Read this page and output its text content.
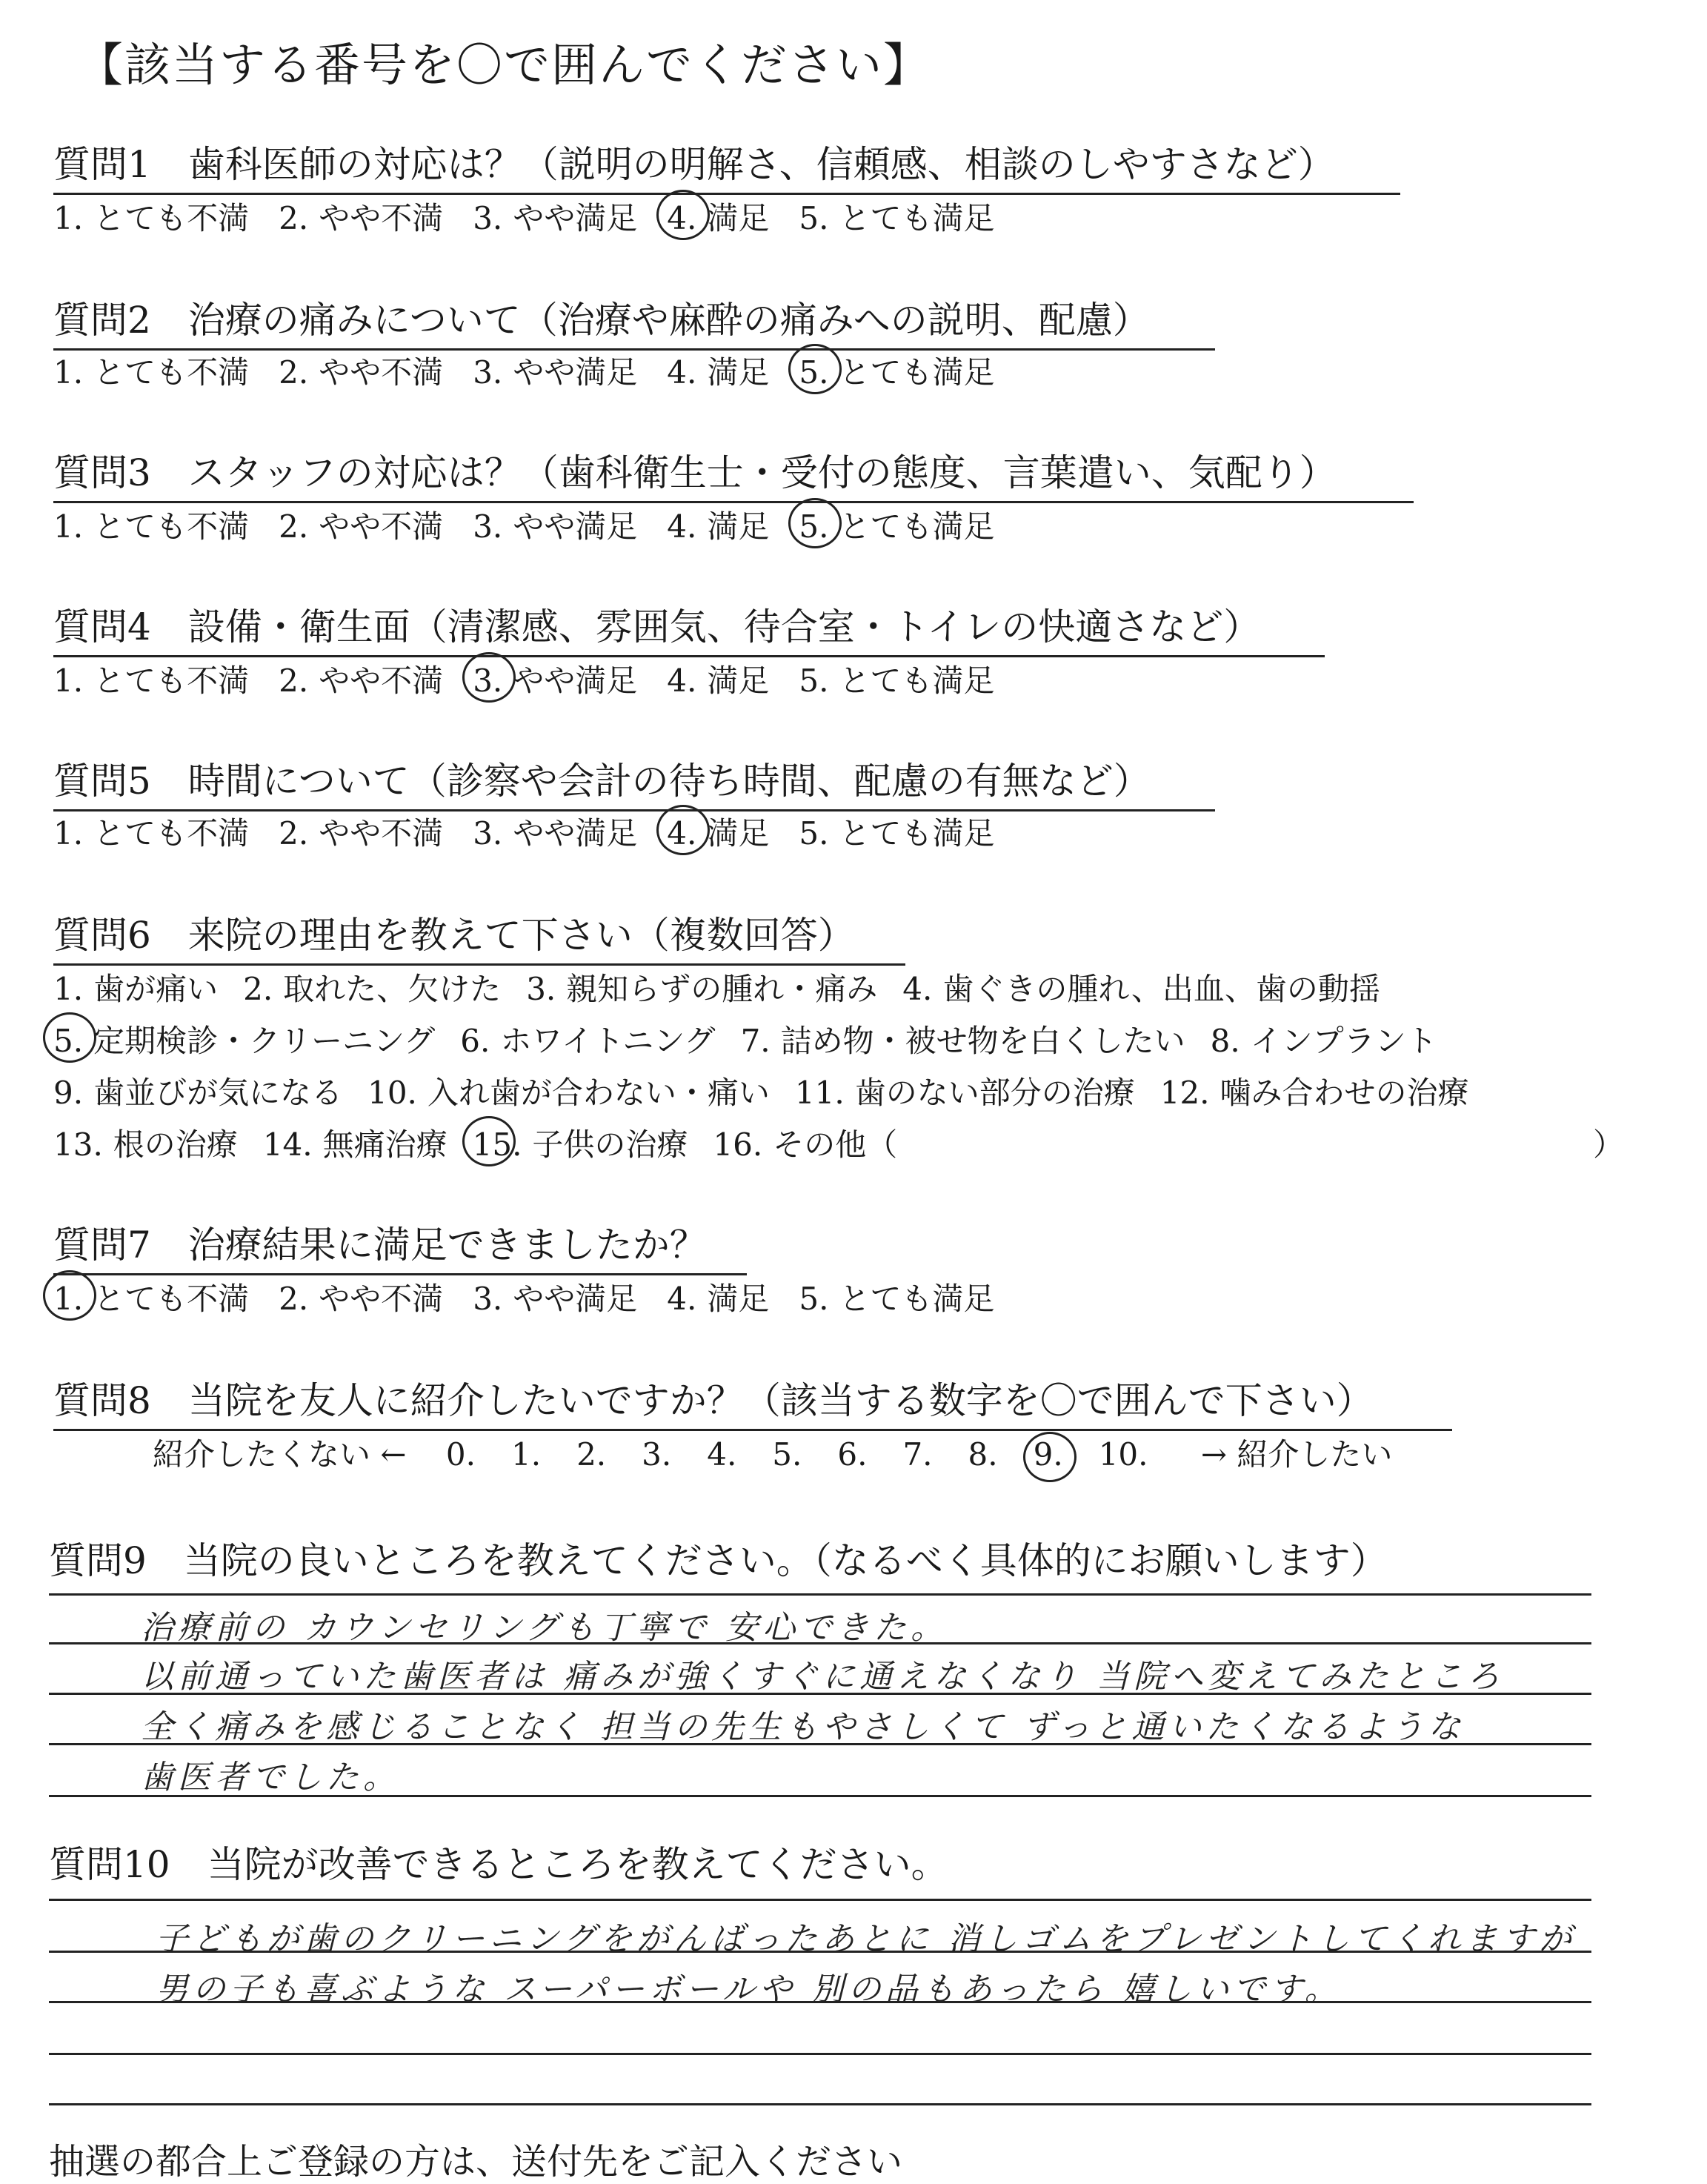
【該当する番号を〇で囲んでください】
質問1　歯科医師の対応は？（説明の明解さ、信頼感、相談のしやすさなど）
1. とても不満 2. やや不満 3. やや満足 4. 満足 5. とても満足
質問2　治療の痛みについて（治療や麻酔の痛みへの説明、配慮）
1. とても不満 2. やや不満 3. やや満足 4. 満足 5. とても満足
質問3　スタッフの対応は？（歯科衛生士・受付の態度、言葉遣い、気配り）
1. とても不満 2. やや不満 3. やや満足 4. 満足 5. とても満足
質問4　設備・衛生面（清潔感、雰囲気、待合室・トイレの快適さなど）
1. とても不満 2. やや不満 3. やや満足 4. 満足 5. とても満足
質問5　時間について（診察や会計の待ち時間、配慮の有無など）
1. とても不満 2. やや不満 3. やや満足 4. 満足 5. とても満足
質問6　来院の理由を教えて下さい（複数回答）
1. 歯が痛い 2. 取れた、欠けた 3. 親知らずの腫れ・痛み 4. 歯ぐきの腫れ、出血、歯の動揺
5. 定期検診・クリーニング 6. ホワイトニング 7. 詰め物・被せ物を白くしたい 8. インプラント
9. 歯並びが気になる 10. 入れ歯が合わない・痛い 11. 歯のない部分の治療 12. 噛み合わせの治療
13. 根の治療 14. 無痛治療 15. 子供の治療 16. その他（	）
質問7　治療結果に満足できましたか？
1. とても不満 2. やや不満 3. やや満足 4. 満足 5. とても満足
質問8　当院を友人に紹介したいですか？（該当する数字を〇で囲んで下さい）
紹介したくない ← 0. 1. 2. 3. 4. 5. 6. 7. 8. 9. 10. → 紹介したい
質問9　当院の良いところを教えてください。（なるべく具体的にお願いします）
治療前の カウンセリングも丁寧で 安心できた。
以前通っていた歯医者は 痛みが強くすぐに通えなくなり 当院へ変えてみたところ
全く痛みを感じることなく 担当の先生もやさしくて ずっと通いたくなるような
歯医者でした。
質問10　当院が改善できるところを教えてください。
子どもが歯のクリーニングをがんばったあとに 消しゴムをプレゼントしてくれますが
男の子も喜ぶような スーパーボールや 別の品もあったら 嬉しいです。
抽選の都合上ご登録の方は、送付先をご記入ください
